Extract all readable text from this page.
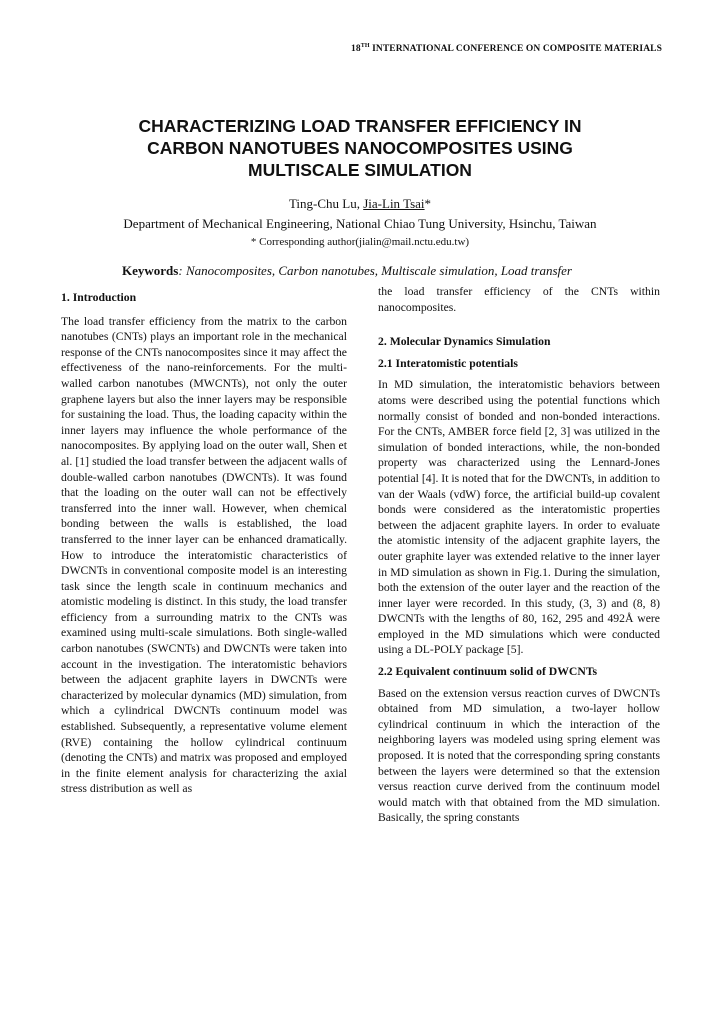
18TH INTERNATIONAL CONFERENCE ON COMPOSITE MATERIALS
CHARACTERIZING LOAD TRANSFER EFFICIENCY IN
CARBON NANOTUBES NANOCOMPOSITES USING
MULTISCALE SIMULATION
Ting-Chu Lu, Jia-Lin Tsai*
Department of Mechanical Engineering, National Chiao Tung University, Hsinchu, Taiwan
* Corresponding author(jialin@mail.nctu.edu.tw)
Keywords: Nanocomposites, Carbon nanotubes, Multiscale simulation, Load transfer

1. Introduction

The load transfer efficiency from the matrix to the carbon nanotubes (CNTs) plays an important role in the mechanical response of the CNTs nanocomposites since it may affect the effectiveness of the nano-reinforcements. For the multi-walled carbon nanotubes (MWCNTs), not only the outer graphene layers but also the inner layers may be responsible for sustaining the load. Thus, the loading capacity within the inner layers may influence the whole performance of the nanocomposites. By applying load on the outer wall, Shen et al. [1] studied the load transfer between the adjacent walls of double-walled carbon nanotubes (DWCNTs). It was found that the loading on the outer wall can not be effectively transferred into the inner wall. However, when chemical bonding between the walls is established, the load transferred to the inner layer can be enhanced dramatically. How to introduce the interatomistic characteristics of DWCNTs in conventional composite model is an interesting task since the length scale in continuum mechanics and atomistic modeling is distinct. In this study, the load transfer efficiency from a surrounding matrix to the CNTs was examined using multi-scale simulations. Both single-walled carbon nanotubes (SWCNTs) and DWCNTs were taken into account in the investigation. The interatomistic behaviors between the adjacent graphite layers in DWCNTs were characterized by molecular dynamics (MD) simulation, from which a cylindrical DWCNTs continuum model was established. Subsequently, a representative volume element (RVE) containing the hollow cylindrical continuum (denoting the CNTs) and matrix was proposed and employed in the finite element analysis for characterizing the axial stress distribution as well as

the load transfer efficiency of the CNTs within nanocomposites.

2. Molecular Dynamics Simulation

2.1 Interatomistic potentials

In MD simulation, the interatomistic behaviors between atoms were described using the potential functions which normally consist of bonded and non-bonded interactions. For the CNTs, AMBER force field [2, 3] was utilized in the simulation of bonded interactions, while, the non-bonded property was characterized using the Lennard-Jones potential [4]. It is noted that for the DWCNTs, in addition to van der Waals (vdW) force, the artificial build-up covalent bonds were considered as the interatomistic properties between the adjacent graphite layers. In order to evaluate the atomistic intensity of the adjacent graphite layers, the outer graphite layer was extended relative to the inner layer in MD simulation as shown in Fig.1. During the simulation, both the extension of the outer layer and the reaction of the inner layer were recorded. In this study, (3, 3) and (8, 8) DWCNTs with the lengths of 80, 162, 295 and 492Å were employed in the MD simulations which were conducted using a DL-POLY package [5].

2.2 Equivalent continuum solid of DWCNTs

Based on the extension versus reaction curves of DWCNTs obtained from MD simulation, a two-layer hollow cylindrical continuum in which the interaction of the neighboring layers was modeled using spring element was proposed. It is noted that the corresponding spring constants between the layers were determined so that the extension versus reaction curve derived from the continuum model would match with that obtained from the MD simulation. Basically, the spring constants
